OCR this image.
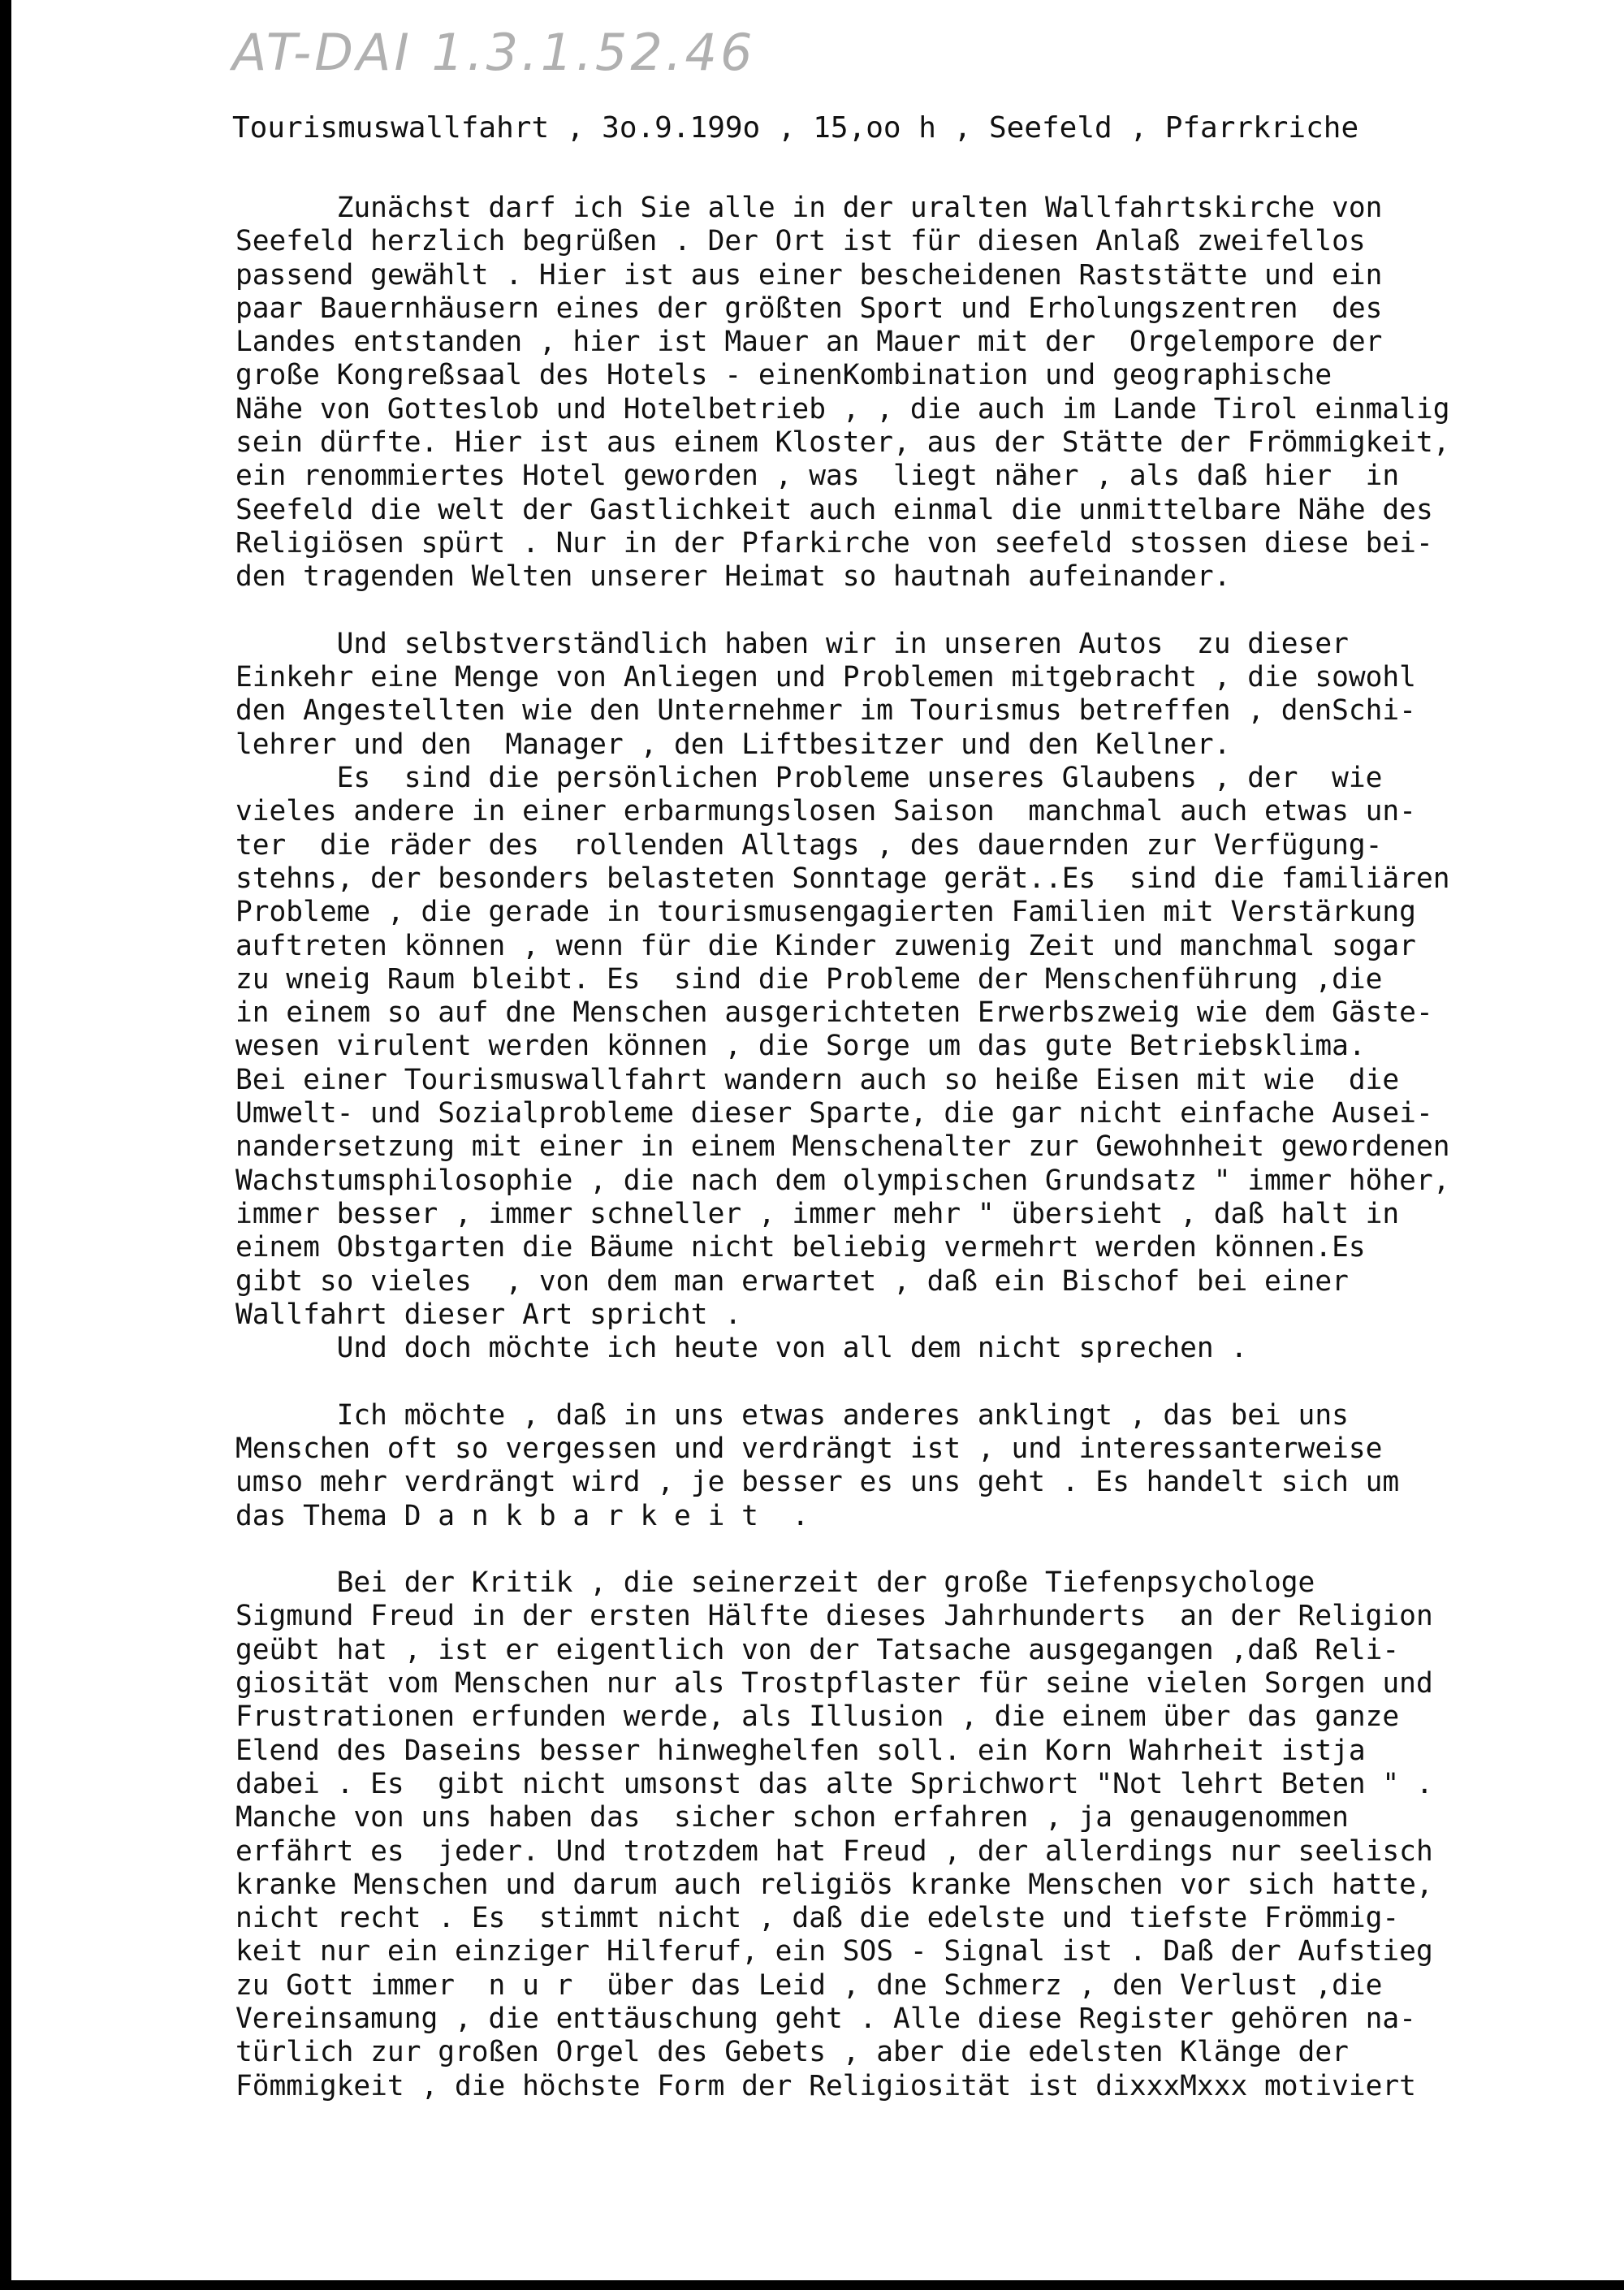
AT-DAI 1.3.1.52.46
Tourismuswallfahrt , 3o.9.199o , 15,oo h , Seefeld , Pfarrkriche
Zunächst darf ich Sie alle in der uralten Wallfahrtskirche von
Seefeld herzlich begrüßen . Der Ort ist für diesen Anlaß zweifellos
passend gewählt . Hier ist aus einer bescheidenen Raststätte und ein
paar Bauernhäusern eines der größten Sport und Erholungszentren  des
Landes entstanden , hier ist Mauer an Mauer mit der  Orgelempore der
große Kongreßsaal des Hotels - einenKombination und geographische
Nähe von Gotteslob und Hotelbetrieb , , die auch im Lande Tirol einmalig
sein dürfte. Hier ist aus einem Kloster, aus der Stätte der Frömmigkeit,
ein renommiertes Hotel geworden , was  liegt näher , als daß hier  in
Seefeld die welt der Gastlichkeit auch einmal die unmittelbare Nähe des
Religiösen spürt . Nur in der Pfarkirche von seefeld stossen diese bei-
den tragenden Welten unserer Heimat so hautnah aufeinander.
Und selbstverständlich haben wir in unseren Autos  zu dieser
Einkehr eine Menge von Anliegen und Problemen mitgebracht , die sowohl
den Angestellten wie den Unternehmer im Tourismus betreffen , denSchi-
lehrer und den  Manager , den Liftbesitzer und den Kellner.
Es  sind die persönlichen Probleme unseres Glaubens , der  wie
vieles andere in einer erbarmungslosen Saison  manchmal auch etwas un-
ter  die räder des  rollenden Alltags , des dauernden zur Verfügung-
stehns, der besonders belasteten Sonntage gerät..Es  sind die familiären
Probleme , die gerade in tourismusengagierten Familien mit Verstärkung
auftreten können , wenn für die Kinder zuwenig Zeit und manchmal sogar
zu wneig Raum bleibt. Es  sind die Probleme der Menschenführung ,die
in einem so auf dne Menschen ausgerichteten Erwerbszweig wie dem Gäste-
wesen virulent werden können , die Sorge um das gute Betriebsklima.
Bei einer Tourismuswallfahrt wandern auch so heiße Eisen mit wie  die
Umwelt- und Sozialprobleme dieser Sparte, die gar nicht einfache Ausei-
nandersetzung mit einer in einem Menschenalter zur Gewohnheit gewordenen
Wachstumsphilosophie , die nach dem olympischen Grundsatz " immer höher,
immer besser , immer schneller , immer mehr " übersieht , daß halt in
einem Obstgarten die Bäume nicht beliebig vermehrt werden können.Es
gibt so vieles  , von dem man erwartet , daß ein Bischof bei einer
Wallfahrt dieser Art spricht .
Und doch möchte ich heute von all dem nicht sprechen .
Ich möchte , daß in uns etwas anderes anklingt , das bei uns
Menschen oft so vergessen und verdrängt ist , und interessanterweise
umso mehr verdrängt wird , je besser es uns geht . Es handelt sich um
das Thema D a n k b a r k e i t  .
Bei der Kritik , die seinerzeit der große Tiefenpsychologe
Sigmund Freud in der ersten Hälfte dieses Jahrhunderts  an der Religion
geübt hat , ist er eigentlich von der Tatsache ausgegangen ,daß Reli-
giosität vom Menschen nur als Trostpflaster für seine vielen Sorgen und
Frustrationen erfunden werde, als Illusion , die einem über das ganze
Elend des Daseins besser hinweghelfen soll. ein Korn Wahrheit istja
dabei . Es  gibt nicht umsonst das alte Sprichwort "Not lehrt Beten " .
Manche von uns haben das  sicher schon erfahren , ja genaugenommen
erfährt es  jeder. Und trotzdem hat Freud , der allerdings nur seelisch
kranke Menschen und darum auch religiös kranke Menschen vor sich hatte,
nicht recht . Es  stimmt nicht , daß die edelste und tiefste Frömmig-
keit nur ein einziger Hilferuf, ein SOS - Signal ist . Daß der Aufstieg
zu Gott immer  n u r  über das Leid , dne Schmerz , den Verlust ,die
Vereinsamung , die enttäuschung geht . Alle diese Register gehören na-
türlich zur großen Orgel des Gebets , aber die edelsten Klänge der
Fömmigkeit , die höchste Form der Religiosität ist dixxxMxxx motiviert
